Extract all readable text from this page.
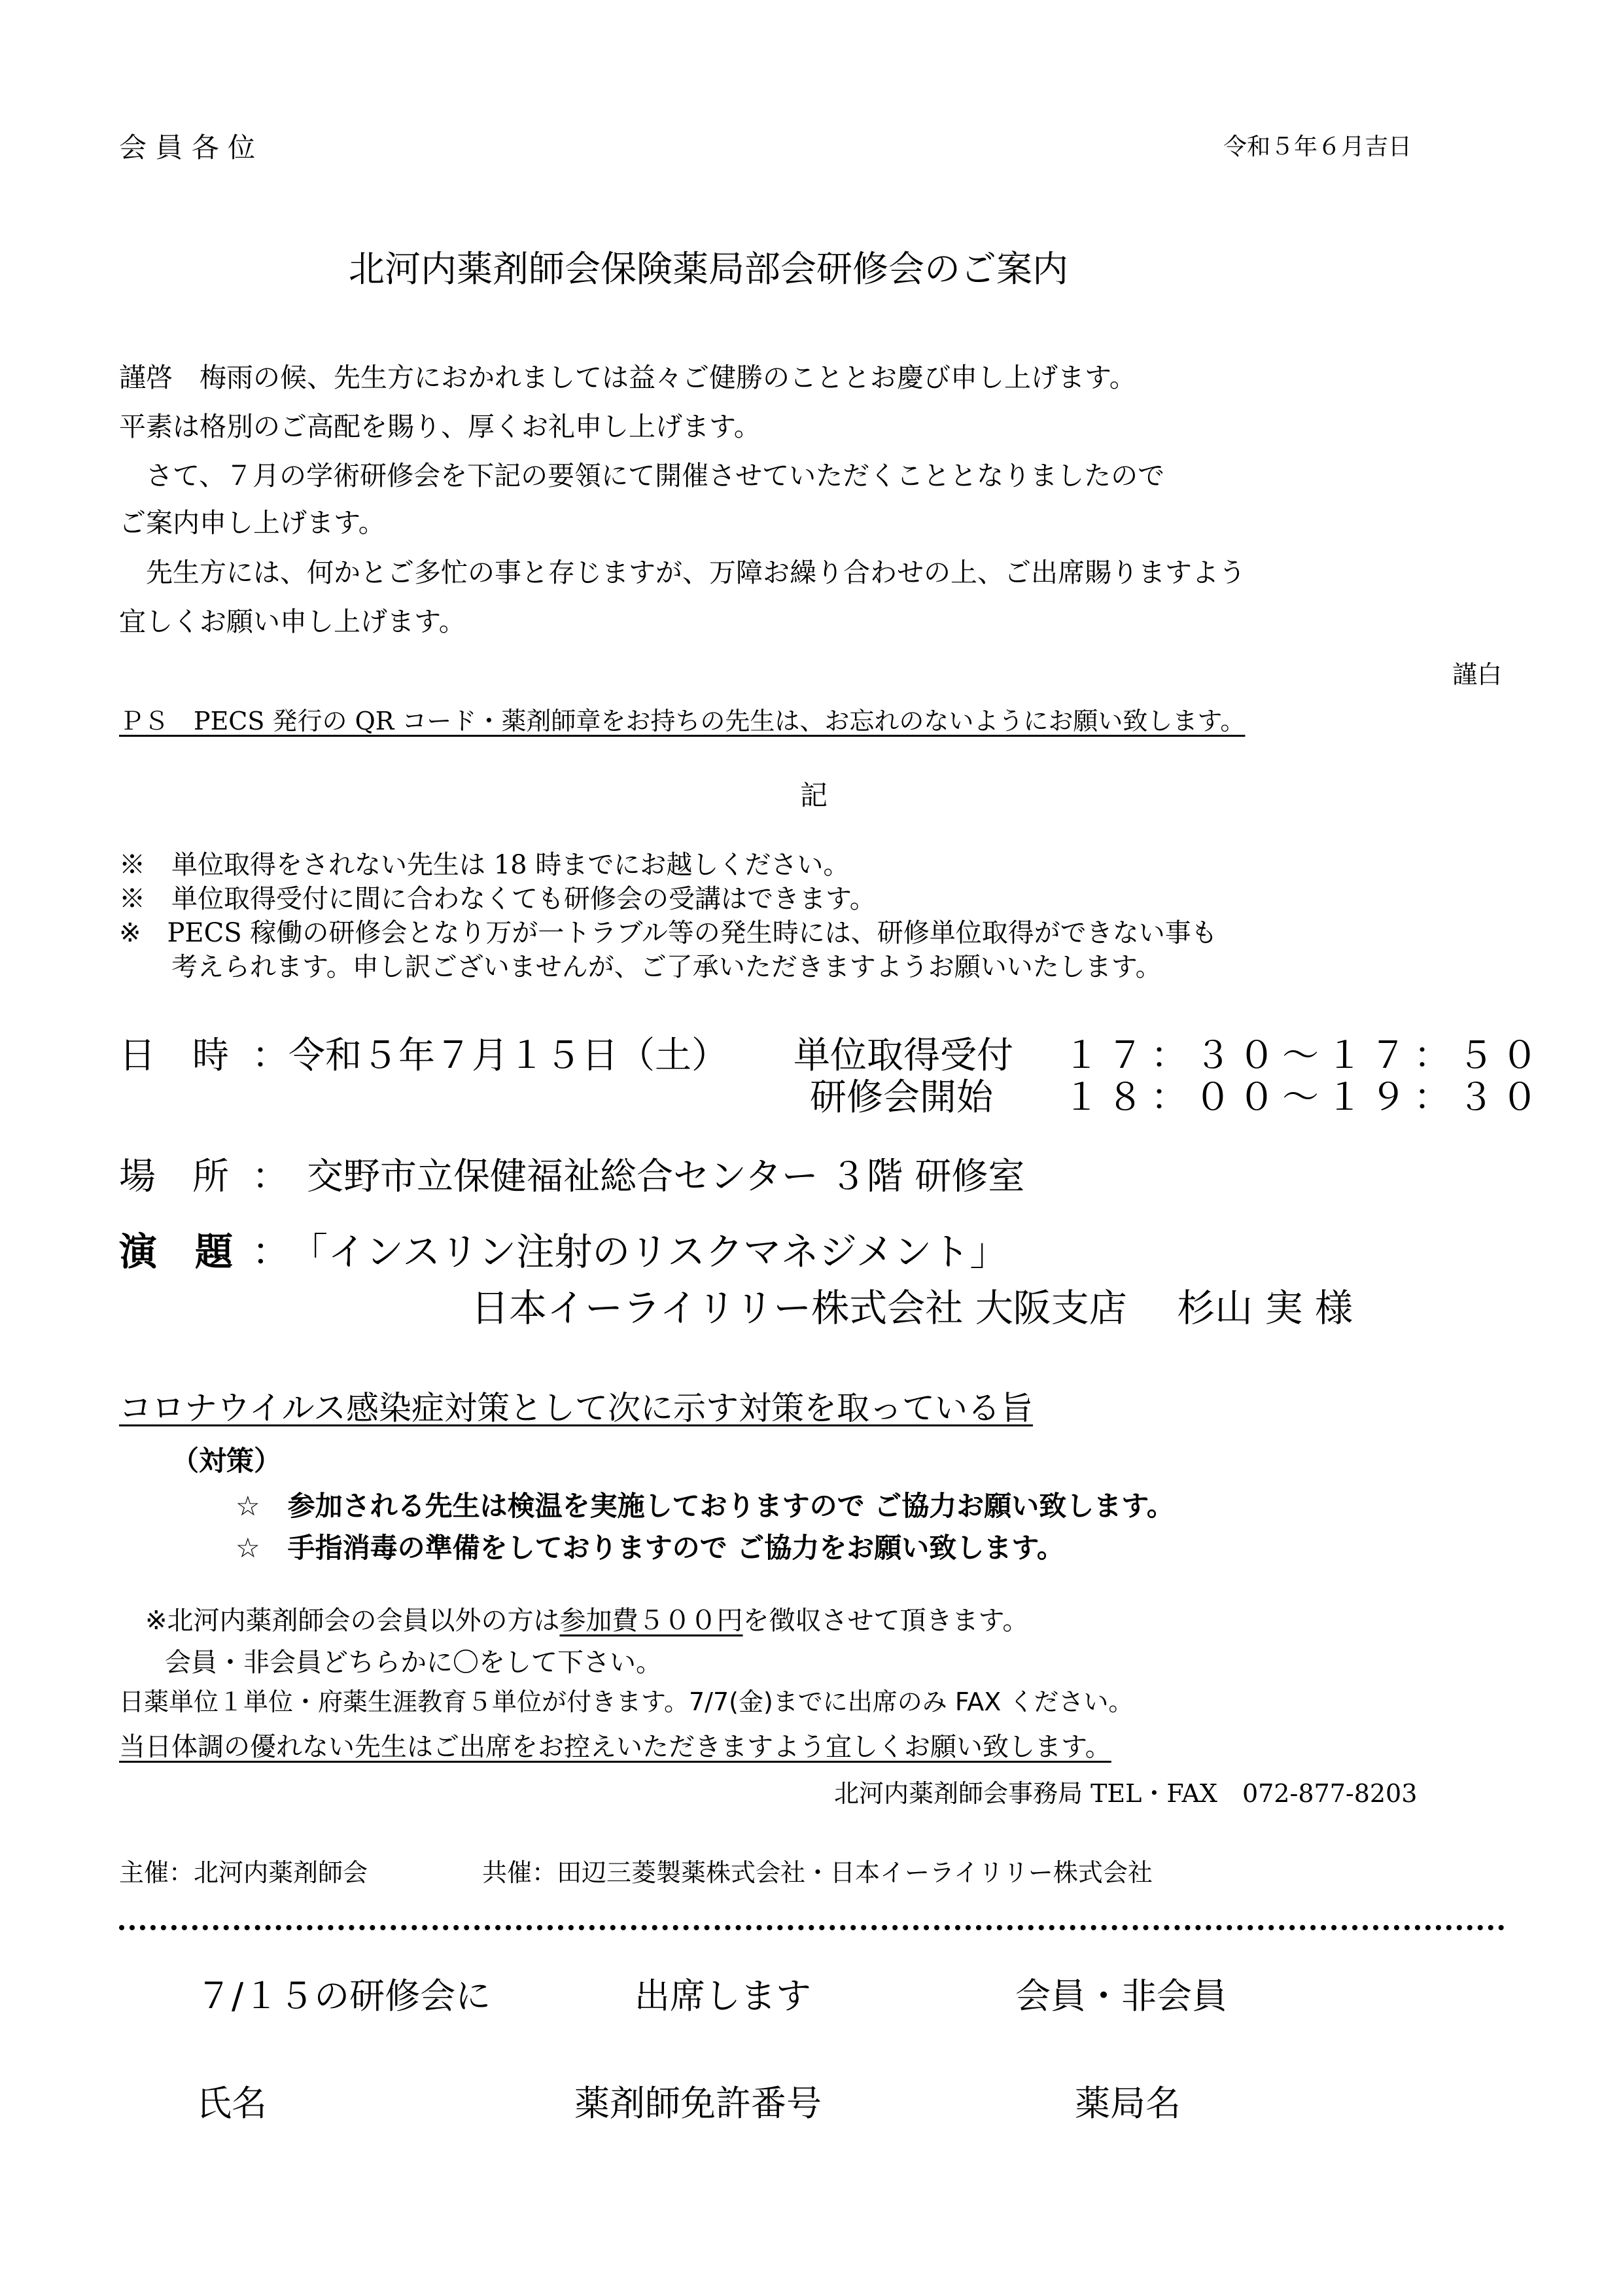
会 員 各 位	令和５年６月吉日
北河内薬剤師会保険薬局部会研修会のご案内
謹啓　梅雨の候、先生方におかれましては益々ご健勝のこととお慶び申し上げます。
平素は格別のご高配を賜り、厚くお礼申し上げます。
　さて、７月の学術研修会を下記の要領にて開催させていただくこととなりましたので
ご案内申し上げます。
　先生方には、何かとご多忙の事と存じますが、万障お繰り合わせの上、ご出席賜りますよう
宜しくお願い申し上げます。
謹白
ＰＳ　PECS 発行の QR コード・薬剤師章をお持ちの先生は、お忘れのないようにお願い致します。
記
※　単位取得をされない先生は 18 時までにお越しください。
※　単位取得受付に間に合わなくても研修会の受講はできます。
※　PECS 稼働の研修会となり万が一トラブル等の発生時には、研修単位取得ができない事も
　　考えられます。申し訳ございませんが、ご了承いただきますようお願いいたします。
日　時 ：令和５年７月１５日（土） 単位取得受付 １７：３０～１７：５０
研修会開始 １８：００～１９：３０
場　所 ：　交野市立保健福祉総合センター ３階 研修室
演　題 ：　「インスリン注射のリスクマネジメント」
日本イーライリリー株式会社 大阪支店　 杉山 実 様
コロナウイルス感染症対策として次に示す対策を取っている旨
（対策）
☆　参加される先生は検温を実施しておりますので ご協力お願い致します。
☆　手指消毒の準備をしておりますので ご協力をお願い致します。
※北河内薬剤師会の会員以外の方は参加費５００円を徴収させて頂きます。
会員・非会員どちらかに〇をして下さい。
日薬単位１単位・府薬生涯教育５単位が付きます。7/7(金)までに出席のみ FAX ください。
当日体調の優れない先生はご出席をお控えいただきますよう宜しくお願い致します。
北河内薬剤師会事務局 TEL・FAX　072-877-8203
主催：北河内薬剤師会	共催：田辺三菱製薬株式会社・日本イーライリリー株式会社
７/１５の研修会に	出席します	会員・非会員
氏名	薬剤師免許番号	薬局名
